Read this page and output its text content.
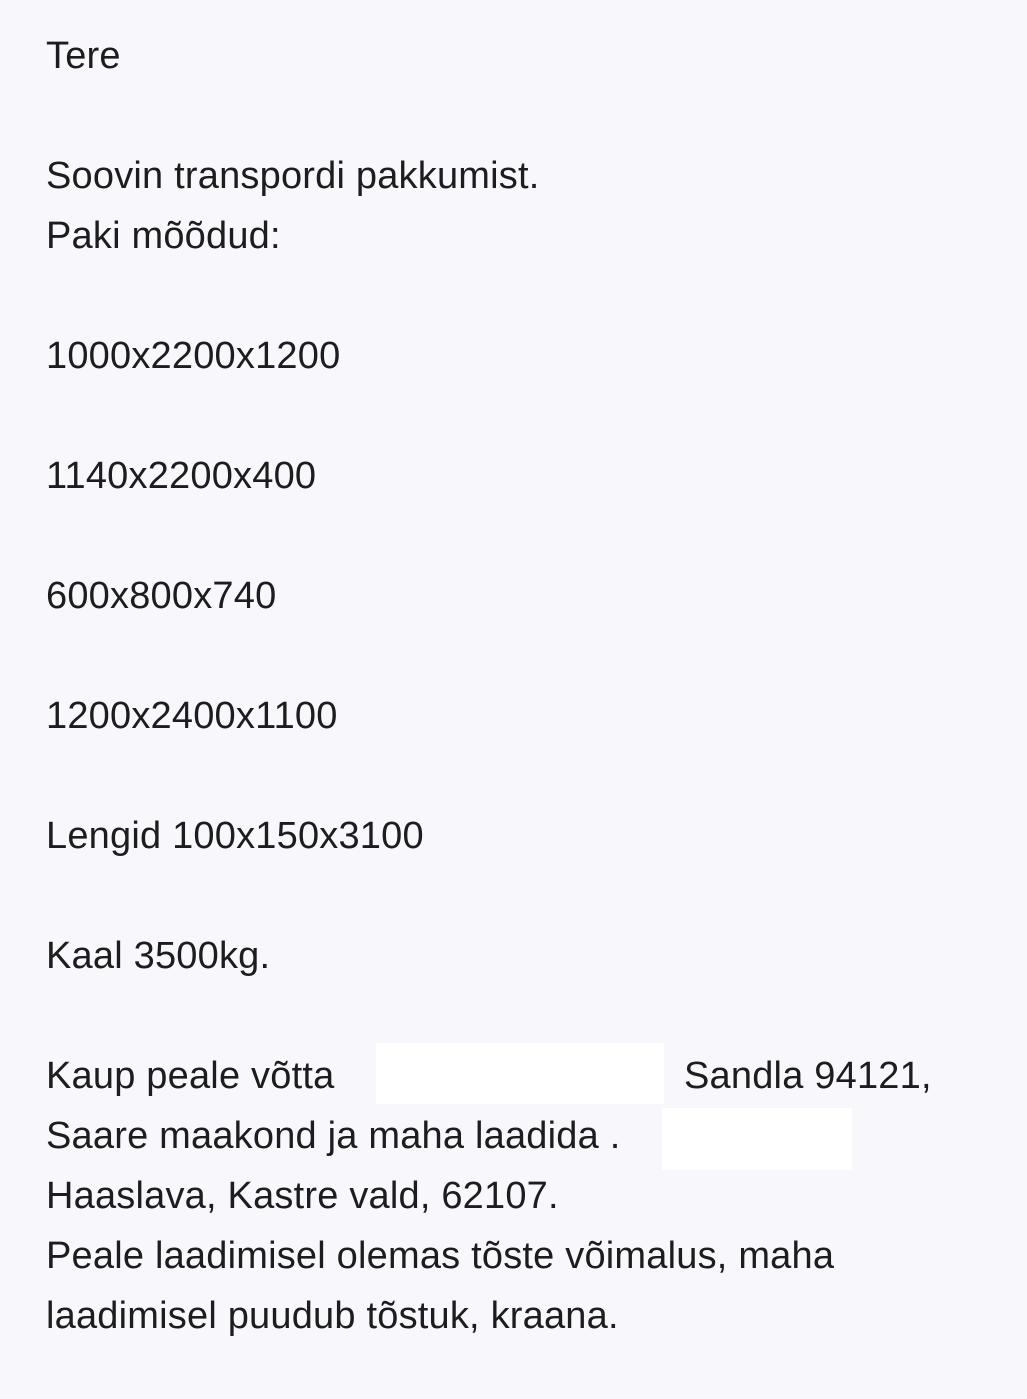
Tere
Soovin transpordi pakkumist.
Paki mõõdud:
1000x2200x1200
1140x2200x400
600x800x740
1200x2400x1100
Lengid 100x150x3100
Kaal 3500kg.
Kaup peale võtta	Sandla 94121,
Saare maakond ja maha laadida .
Haaslava, Kastre vald, 62107.
Peale laadimisel olemas tõste võimalus, maha
laadimisel puudub tõstuk, kraana.
